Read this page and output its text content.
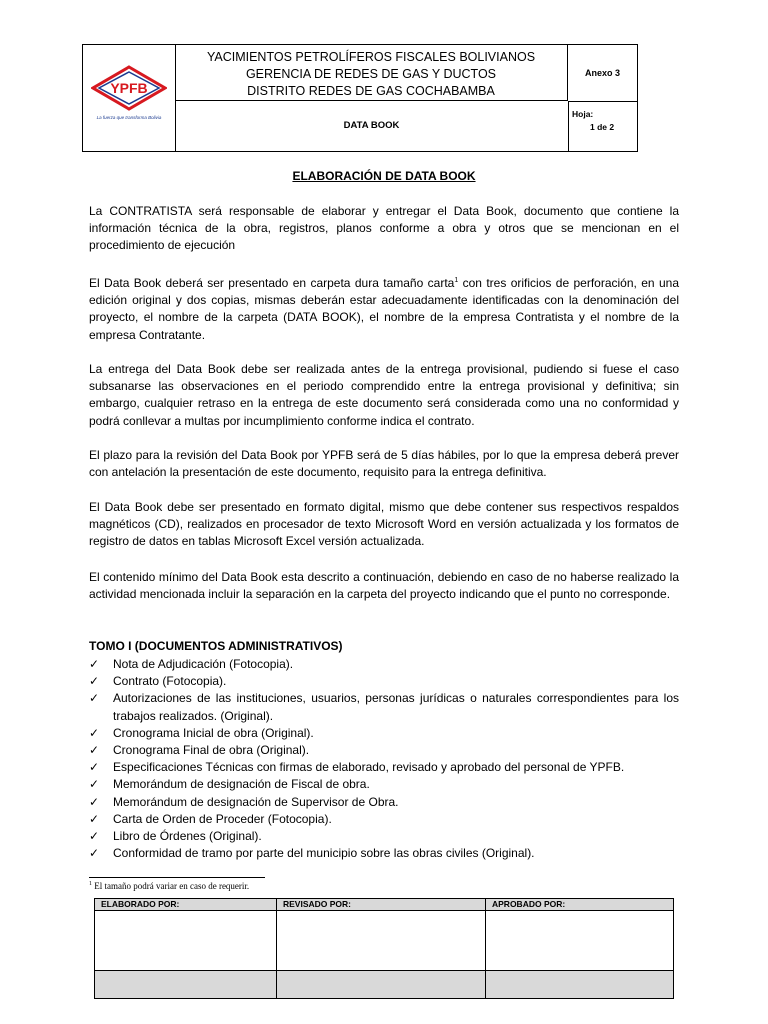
YPFB
La fuerza que transforma Bolivia
YACIMIENTOS PETROLÍFEROS FISCALES BOLIVIANOS
GERENCIA DE REDES DE GAS Y DUCTOS
DISTRITO REDES DE GAS COCHABAMBA
DATA BOOK
Anexo 3
Hoja:
1 de 2
ELABORACIÓN DE DATA BOOK
La CONTRATISTA será responsable de elaborar y entregar el Data Book, documento que contiene la información técnica de la obra, registros, planos conforme a obra y otros que se mencionan en el procedimiento de ejecución
El Data Book deberá ser presentado en carpeta dura tamaño carta$^1$ con tres orificios de perforación, en una edición original y dos copias, mismas deberán estar adecuadamente identificadas con la denominación del proyecto, el nombre de la carpeta (DATA BOOK), el nombre de la empresa Contratista y el nombre de la empresa Contratante.
La entrega del Data Book debe ser realizada antes de la entrega provisional, pudiendo si fuese el caso subsanarse las observaciones en el periodo comprendido entre la entrega provisional y definitiva; sin embargo, cualquier retraso en la entrega de este documento será considerada como una no conformidad y podrá conllevar a multas por incumplimiento conforme indica el contrato.
El plazo para la revisión del Data Book por YPFB será de 5 días hábiles, por lo que la empresa deberá prever con antelación la presentación de este documento, requisito para la entrega definitiva.
El Data Book debe ser presentado en formato digital, mismo que debe contener sus respectivos respaldos magnéticos (CD), realizados en procesador de texto Microsoft Word en versión actualizada y los formatos de registro de datos en tablas Microsoft Excel versión actualizada.
El contenido mínimo del Data Book esta descrito a continuación, debiendo en caso de no haberse realizado la actividad mencionada incluir la separación en la carpeta del proyecto indicando que el punto no corresponde.
TOMO I (DOCUMENTOS ADMINISTRATIVOS)
✓ Nota de Adjudicación (Fotocopia).
✓ Contrato (Fotocopia).
✓ Autorizaciones de las instituciones, usuarios, personas jurídicas o naturales correspondientes para los trabajos realizados. (Original).
✓ Cronograma Inicial de obra (Original).
✓ Cronograma Final de obra (Original).
✓ Especificaciones Técnicas con firmas de elaborado, revisado y aprobado del personal de YPFB.
✓ Memorándum de designación de Fiscal de obra.
✓ Memorándum de designación de Supervisor de Obra.
✓ Carta de Orden de Proceder (Fotocopia).
✓ Libro de Órdenes (Original).
✓ Conformidad de tramo por parte del municipio sobre las obras civiles (Original).
$^1$ El tamaño podrá variar en caso de requerir.
ELABORADO POR:	REVISADO POR:	APROBADO POR:
